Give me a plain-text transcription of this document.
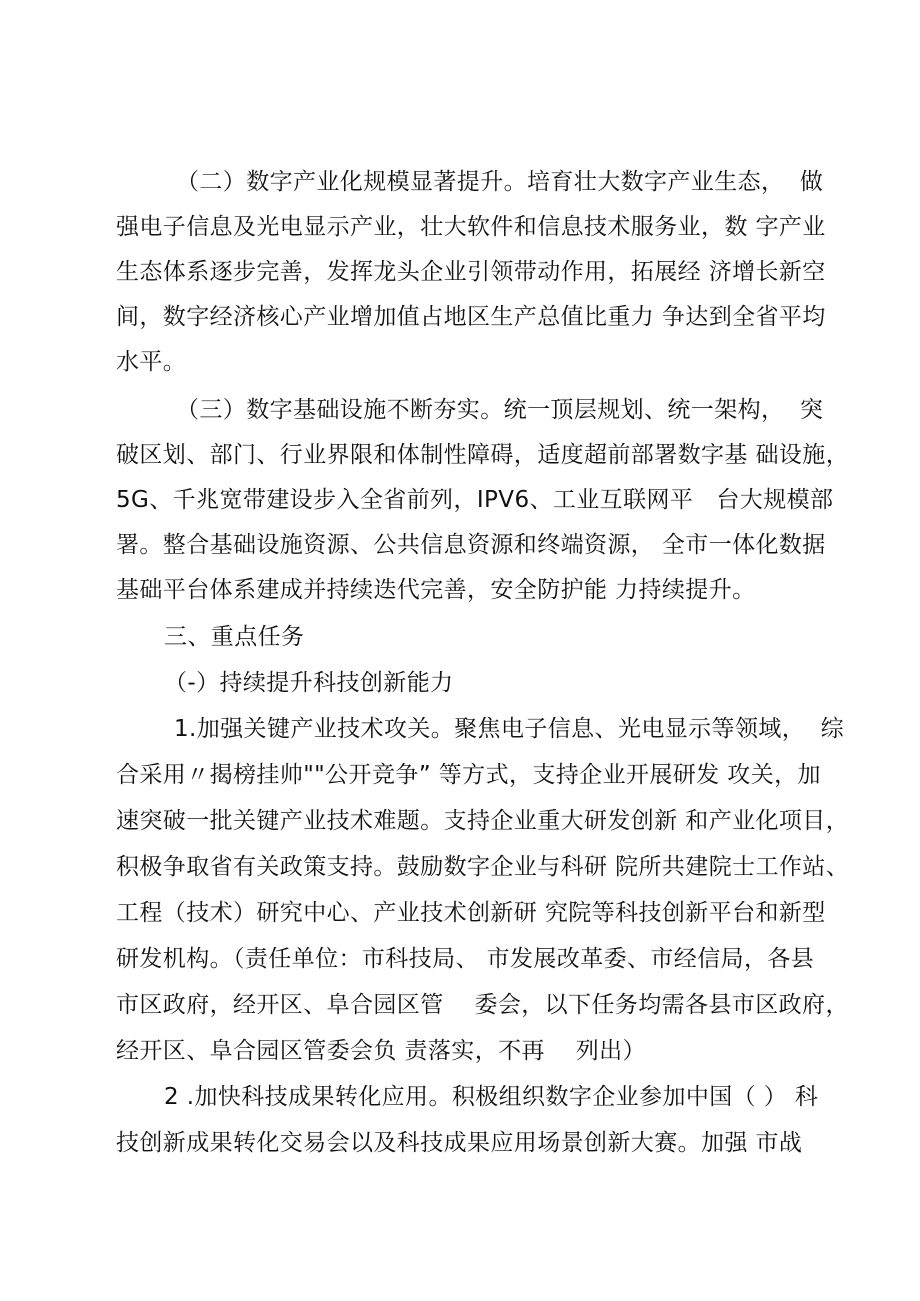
（二）数字产业化规模显著提升。培育壮大数字产业生态，  做
强电子信息及光电显示产业，壮大软件和信息技术服务业，数 字产业
生态体系逐步完善，发挥龙头企业引领带动作用，拓展经 济增长新空
间，数字经济核心产业增加值占地区生产总值比重力 争达到全省平均
水平。
（三）数字基础设施不断夯实。统一顶层规划、统一架构，  突
破区划、部门、行业界限和体制性障碍，适度超前部署数字基 础设施，
5G、千兆宽带建设步入全省前列，IPV6、工业互联网平   台大规模部
署。整合基础设施资源、公共信息资源和终端资源， 全市一体化数据
基础平台体系建成并持续迭代完善，安全防护能 力持续提升。
三、重点任务
（-）持续提升科技创新能力
1.加强关键产业技术攻关。聚焦电子信息、光电显示等领域，  综
合采用〃揭榜挂帅""公开竞争” 等方式，支持企业开展研发 攻关，加
速突破一批关键产业技术难题。支持企业重大研发创新 和产业化项目，
积极争取省有关政策支持。鼓励数字企业与科研 院所共建院士工作站、
工程（技术）研究中心、产业技术创新研 究院等科技创新平台和新型
研发机构。（责任单位：市科技局、 市发展改革委、市经信局，各县
市区政府，经开区、阜合园区管    委会，以下任务均需各县市区政府，
经开区、阜合园区管委会负 责落实，不再    列出）
2 .加快科技成果转化应用。积极组织数字企业参加中国（ ） 科
技创新成果转化交易会以及科技成果应用场景创新大赛。加强 市战
